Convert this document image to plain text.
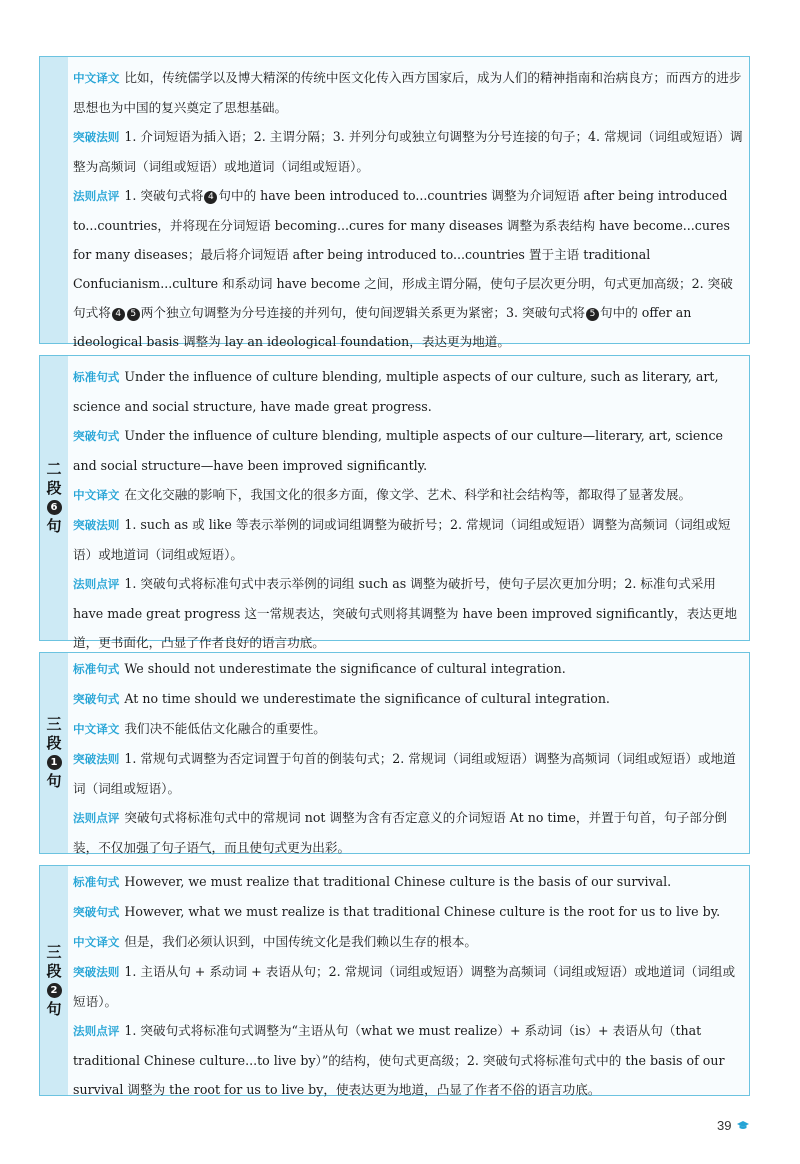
中文译文 比如，传统儒学以及博大精深的传统中医文化传入西方国家后，成为人们的精神指南和治病良方；而西方的进步思想也为中国的复兴奠定了思想基础。

突破法则 1. 介词短语为插入语；2. 主谓分隔；3. 并列分句或独立句调整为分号连接的句子；4. 常规词（词组或短语）调整为高频词（词组或短语）或地道词（词组或短语）。

法则点评 1. 突破句式将 4 句中的 have been introduced to...countries 调整为介词短语 after being introduced to...countries，并将现在分词短语 becoming...cures for many diseases 调整为系表结构 have become...cures for many diseases；最后将介词短语 after being introduced to...countries 置于主语 traditional Confucianism...culture 和系动词 have become 之间，形成主谓分隔，使句子层次更分明，句式更加高级；2. 突破句式将 4 5 两个独立句调整为分号连接的并列句，使句间逻辑关系更为紧密；3. 突破句式将 5 句中的 offer an ideological basis 调整为 lay an ideological foundation，表达更为地道。

二
段
6
句

标准句式 Under the influence of culture blending, multiple aspects of our culture, such as literary, art, science and social structure, have made great progress.

突破句式 Under the influence of culture blending, multiple aspects of our culture—literary, art, science and social structure—have been improved significantly.

中文译文 在文化交融的影响下，我国文化的很多方面，像文学、艺术、科学和社会结构等，都取得了显著发展。

突破法则 1. such as 或 like 等表示举例的词或词组调整为破折号；2. 常规词（词组或短语）调整为高频词（词组或短语）或地道词（词组或短语）。

法则点评 1. 突破句式将标准句式中表示举例的词组 such as 调整为破折号，使句子层次更加分明；2. 标准句式采用 have made great progress 这一常规表达，突破句式则将其调整为 have been improved significantly，表达更地道，更书面化，凸显了作者良好的语言功底。

三
段
1
句

标准句式 We should not underestimate the significance of cultural integration.

突破句式 At no time should we underestimate the significance of cultural integration.

中文译文 我们决不能低估文化融合的重要性。

突破法则 1. 常规句式调整为否定词置于句首的倒装句式；2. 常规词（词组或短语）调整为高频词（词组或短语）或地道词（词组或短语）。

法则点评 突破句式将标准句式中的常规词 not 调整为含有否定意义的介词短语 At no time，并置于句首，句子部分倒装，不仅加强了句子语气，而且使句式更为出彩。

三
段
2
句

标准句式 However, we must realize that traditional Chinese culture is the basis of our survival.

突破句式 However, what we must realize is that traditional Chinese culture is the root for us to live by.

中文译文 但是，我们必须认识到，中国传统文化是我们赖以生存的根本。

突破法则 1. 主语从句 + 系动词 + 表语从句；2. 常规词（词组或短语）调整为高频词（词组或短语）或地道词（词组或短语）。

法则点评 1. 突破句式将标准句式调整为“主语从句（what we must realize）+ 系动词（is）+ 表语从句（that traditional Chinese culture...to live by）”的结构，使句式更高级；2. 突破句式将标准句式中的 the basis of our survival 调整为 the root for us to live by，使表达更为地道，凸显了作者不俗的语言功底。

39
